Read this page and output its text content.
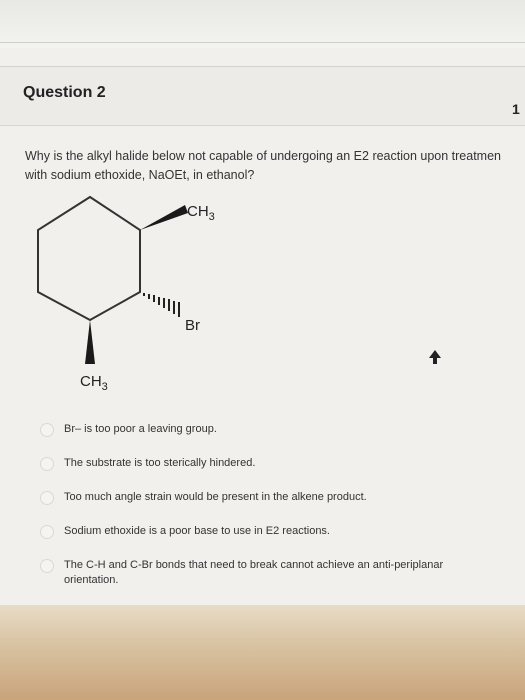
Question 2
1
Why is the alkyl halide below not capable of undergoing an E2 reaction upon treatmen
with sodium ethoxide, NaOEt, in ethanol?
$CH_3$
Br
$CH_3$
Br– is too poor a leaving group.
The substrate is too sterically hindered.
Too much angle strain would be present in the alkene product.
Sodium ethoxide is a poor base to use in E2 reactions.
The C-H and C-Br bonds that need to break cannot achieve an anti-periplanar orientation.
